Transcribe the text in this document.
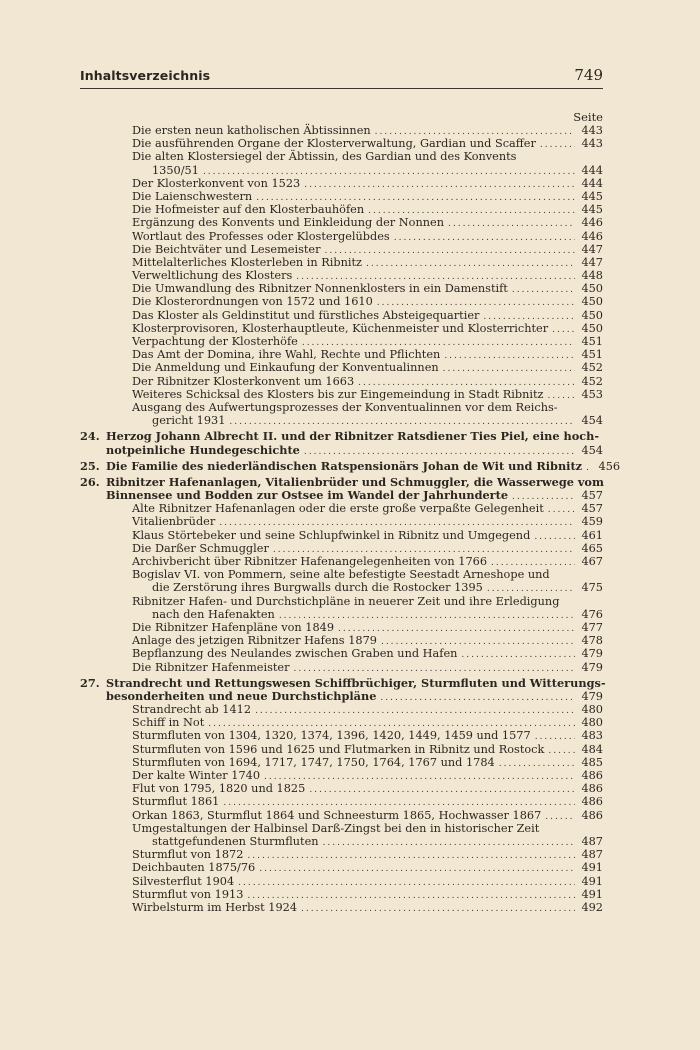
Inhaltsverzeichnis	749
Seite
Die ersten neun katholischen Äbtissinnen .....	443
Die ausführenden Organe der Klosterverwaltung, Gardian und Scaffer .....	443
Die alten Klostersiegel der Äbtissin, des Gardian und des Konvents
1350/51 .....	444
Der Klosterkonvent von 1523 .....	444
Die Laienschwestern .....	445
Die Hofmeister auf den Klosterbauhöfen .....	445
Ergänzung des Konvents und Einkleidung der Nonnen .....	446
Wortlaut des Professes oder Klostergelübdes .....	446
Die Beichtväter und Lesemeister .....	447
Mittelalterliches Klosterleben in Ribnitz .....	447
Verweltlichung des Klosters .....	448
Die Umwandlung des Ribnitzer Nonnenklosters in ein Damenstift .....	450
Die Klosterordnungen von 1572 und 1610 .....	450
Das Kloster als Geldinstitut und fürstliches Absteigequartier .....	450
Klosterprovisoren, Klosterhauptleute, Küchenmeister und Klosterrichter .....	450
Verpachtung der Klosterhöfe .....	451
Das Amt der Domina, ihre Wahl, Rechte und Pflichten .....	451
Die Anmeldung und Einkaufung der Konventualinnen .....	452
Der Ribnitzer Klosterkonvent um 1663 .....	452
Weiteres Schicksal des Klosters bis zur Eingemeindung in Stadt Ribnitz .....	453
Ausgang des Aufwertungsprozesses der Konventualinnen vor dem Reichs-
gericht 1931 .....	454
24. Herzog Johann Albrecht II. und der Ribnitzer Ratsdiener Ties Piel, eine hoch-
notpeinliche Hundegeschichte .....	454
25. Die Familie des niederländischen Ratspensionärs Johan de Wit und Ribnitz ..... 456
26. Ribnitzer Hafenanlagen, Vitalienbrüder und Schmuggler, die Wasserwege vom
Binnensee und Bodden zur Ostsee im Wandel der Jahrhunderte .....	457
Alte Ribnitzer Hafenanlagen oder die erste große verpaßte Gelegenheit .....	457
Vitalienbrüder .....	459
Klaus Störtebeker und seine Schlupfwinkel in Ribnitz und Umgegend .....	461
Die Darßer Schmuggler .....	465
Archivbericht über Ribnitzer Hafenangelegenheiten von 1766 .....	467
Bogislav VI. von Pommern, seine alte befestigte Seestadt Arneshope und
die Zerstörung ihres Burgwalls durch die Rostocker 1395 .....	475
Ribnitzer Hafen- und Durchstichpläne in neuerer Zeit und ihre Erledigung
nach den Hafenakten .....	476
Die Ribnitzer Hafenpläne von 1849 .....	477
Anlage des jetzigen Ribnitzer Hafens 1879 .....	478
Bepflanzung des Neulandes zwischen Graben und Hafen .....	479
Die Ribnitzer Hafenmeister .....	479
27. Strandrecht und Rettungswesen Schiffbrüchiger, Sturmfluten und Witterungs-
besonderheiten und neue Durchstichpläne .....	479
Strandrecht ab 1412 .....	480
Schiff in Not .....	480
Sturmfluten von 1304, 1320, 1374, 1396, 1420, 1449, 1459 und 1577 .....	483
Sturmfluten von 1596 und 1625 und Flutmarken in Ribnitz und Rostock .....	484
Sturmfluten von 1694, 1717, 1747, 1750, 1764, 1767 und 1784 .....	485
Der kalte Winter 1740 .....	486
Flut von 1795, 1820 und 1825 .....	486
Sturmflut 1861 .....	486
Orkan 1863, Sturmflut 1864 und Schneesturm 1865, Hochwasser 1867 .....	486
Umgestaltungen der Halbinsel Darß-Zingst bei den in historischer Zeit
stattgefundenen Sturmfluten .....	487
Sturmflut von 1872 .....	487
Deichbauten 1875/76 .....	491
Silvesterflut 1904 .....	491
Sturmflut von 1913 .....	491
Wirbelsturm im Herbst 1924 .....	492
